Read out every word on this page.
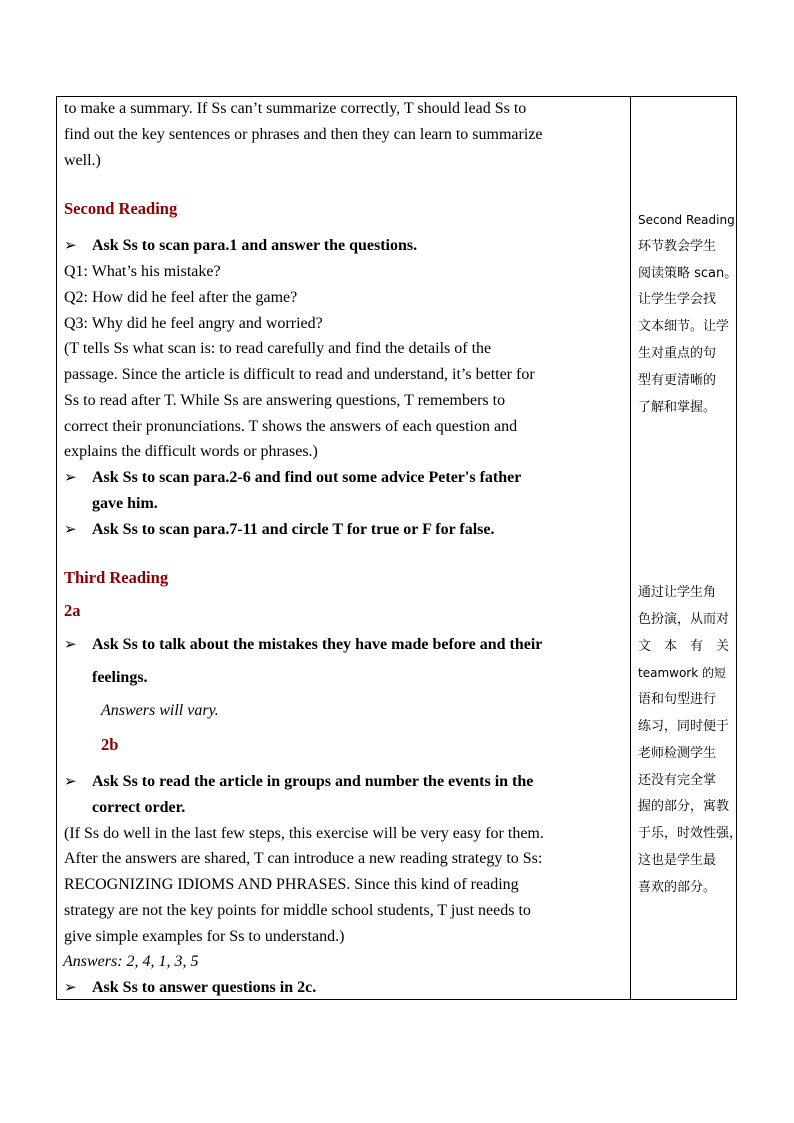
to make a summary. If Ss can’t summarize correctly, T should lead Ss to
find out the key sentences or phrases and then they can learn to summarize
well.)
Second Reading
➢ Ask Ss to scan para.1 and answer the questions.
Q1: What’s his mistake?
Q2: How did he feel after the game?
Q3: Why did he feel angry and worried?
(T tells Ss what scan is: to read carefully and find the details of the
passage. Since the article is difficult to read and understand, it’s better for
Ss to read after T. While Ss are answering questions, T remembers to
correct their pronunciations. T shows the answers of each question and
explains the difficult words or phrases.)
➢ Ask Ss to scan para.2-6 and find out some advice Peter's father
gave him.
➢ Ask Ss to scan para.7-11 and circle T for true or F for false.
Third Reading
2a
➢ Ask Ss to talk about the mistakes they have made before and their
feelings.
Answers will vary.
2b
➢ Ask Ss to read the article in groups and number the events in the
correct order.
(If Ss do well in the last few steps, this exercise will be very easy for them.
After the answers are shared, T can introduce a new reading strategy to Ss:
RECOGNIZING IDIOMS AND PHRASES. Since this kind of reading
strategy are not the key points for middle school students, T just needs to
give simple examples for Ss to understand.)
Answers: 2, 4, 1, 3, 5
➢ Ask Ss to answer questions in 2c.
Second Reading
环节教会学生
阅读策略 scan。
让学生学会找
文本细节。让学
生对重点的句
型有更清晰的
了解和掌握。
通过让学生角
色扮演，从而对
文　本　有　关
teamwork 的短
语和句型进行
练习，同时便于
老师检测学生
还没有完全掌
握的部分，寓教
于乐，时效性强，
这也是学生最
喜欢的部分。
